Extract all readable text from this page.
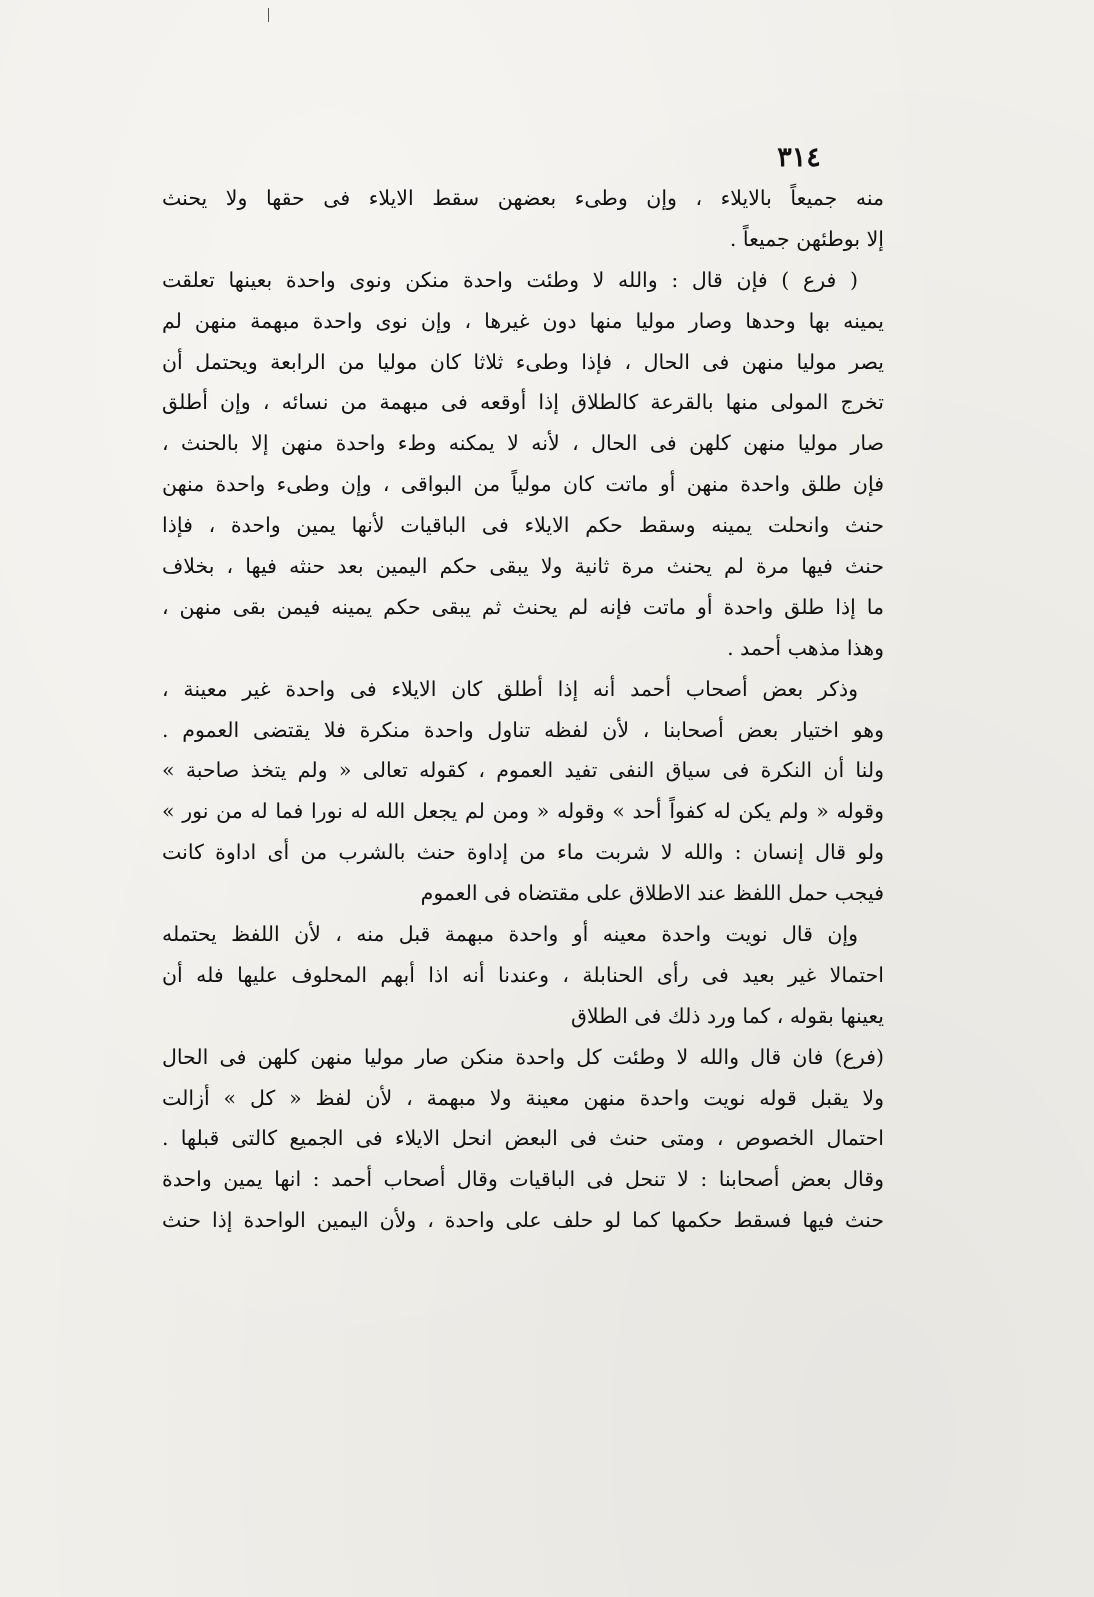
٣١٤
منه جميعاً بالايلاء ، وإن وطىء بعضهن سقط الايلاء فى حقها ولا يحنث
إلا بوطئهن جميعاً .
( فرع ) فإن قال : والله لا وطئت واحدة منكن ونوى واحدة بعينها تعلقت
يمينه بها وحدها وصار موليا منها دون غيرها ، وإن نوى واحدة مبهمة منهن لم
يصر موليا منهن فى الحال ، فإذا وطىء ثلاثا كان موليا من الرابعة ويحتمل أن
تخرج المولى منها بالقرعة كالطلاق إذا أوقعه فى مبهمة من نسائه ، وإن أطلق
صار موليا منهن كلهن فى الحال ، لأنه لا يمكنه وطء واحدة منهن إلا بالحنث ،
فإن طلق واحدة منهن أو ماتت كان مولياً من البواقى ، وإن وطىء واحدة منهن
حنث وانحلت يمينه وسقط حكم الايلاء فى الباقيات لأنها يمين واحدة ، فإذا
حنث فيها مرة لم يحنث مرة ثانية ولا يبقى حكم اليمين بعد حنثه فيها ، بخلاف
ما إذا طلق واحدة أو ماتت فإنه لم يحنث ثم يبقى حكم يمينه فيمن بقى منهن ،
وهذا مذهب أحمد .
وذكر بعض أصحاب أحمد أنه إذا أطلق كان الايلاء فى واحدة غير معينة ،
وهو اختيار بعض أصحابنا ، لأن لفظه تناول واحدة منكرة فلا يقتضى العموم .
ولنا أن النكرة فى سياق النفى تفيد العموم ، كقوله تعالى « ولم يتخذ صاحبة »
وقوله « ولم يكن له كفواً أحد » وقوله « ومن لم يجعل الله له نورا فما له من نور »
ولو قال إنسان : والله لا شربت ماء من إداوة حنث بالشرب من أى اداوة كانت
فيجب حمل اللفظ عند الاطلاق على مقتضاه فى العموم
وإن قال نويت واحدة معينه أو واحدة مبهمة قبل منه ، لأن اللفظ يحتمله
احتمالا غير بعيد فى رأى الحنابلة ، وعندنا أنه اذا أبهم المحلوف عليها فله أن
يعينها بقوله ، كما ورد ذلك فى الطلاق
(فرع) فان قال والله لا وطئت كل واحدة منكن صار موليا منهن كلهن فى الحال
ولا يقبل قوله نويت واحدة منهن معينة ولا مبهمة ، لأن لفظ « كل » أزالت
احتمال الخصوص ، ومتى حنث فى البعض انحل الايلاء فى الجميع كالتى قبلها .
وقال بعض أصحابنا : لا تنحل فى الباقيات وقال أصحاب أحمد : انها يمين واحدة
حنث فيها فسقط حكمها كما لو حلف على واحدة ، ولأن اليمين الواحدة إذا حنث
